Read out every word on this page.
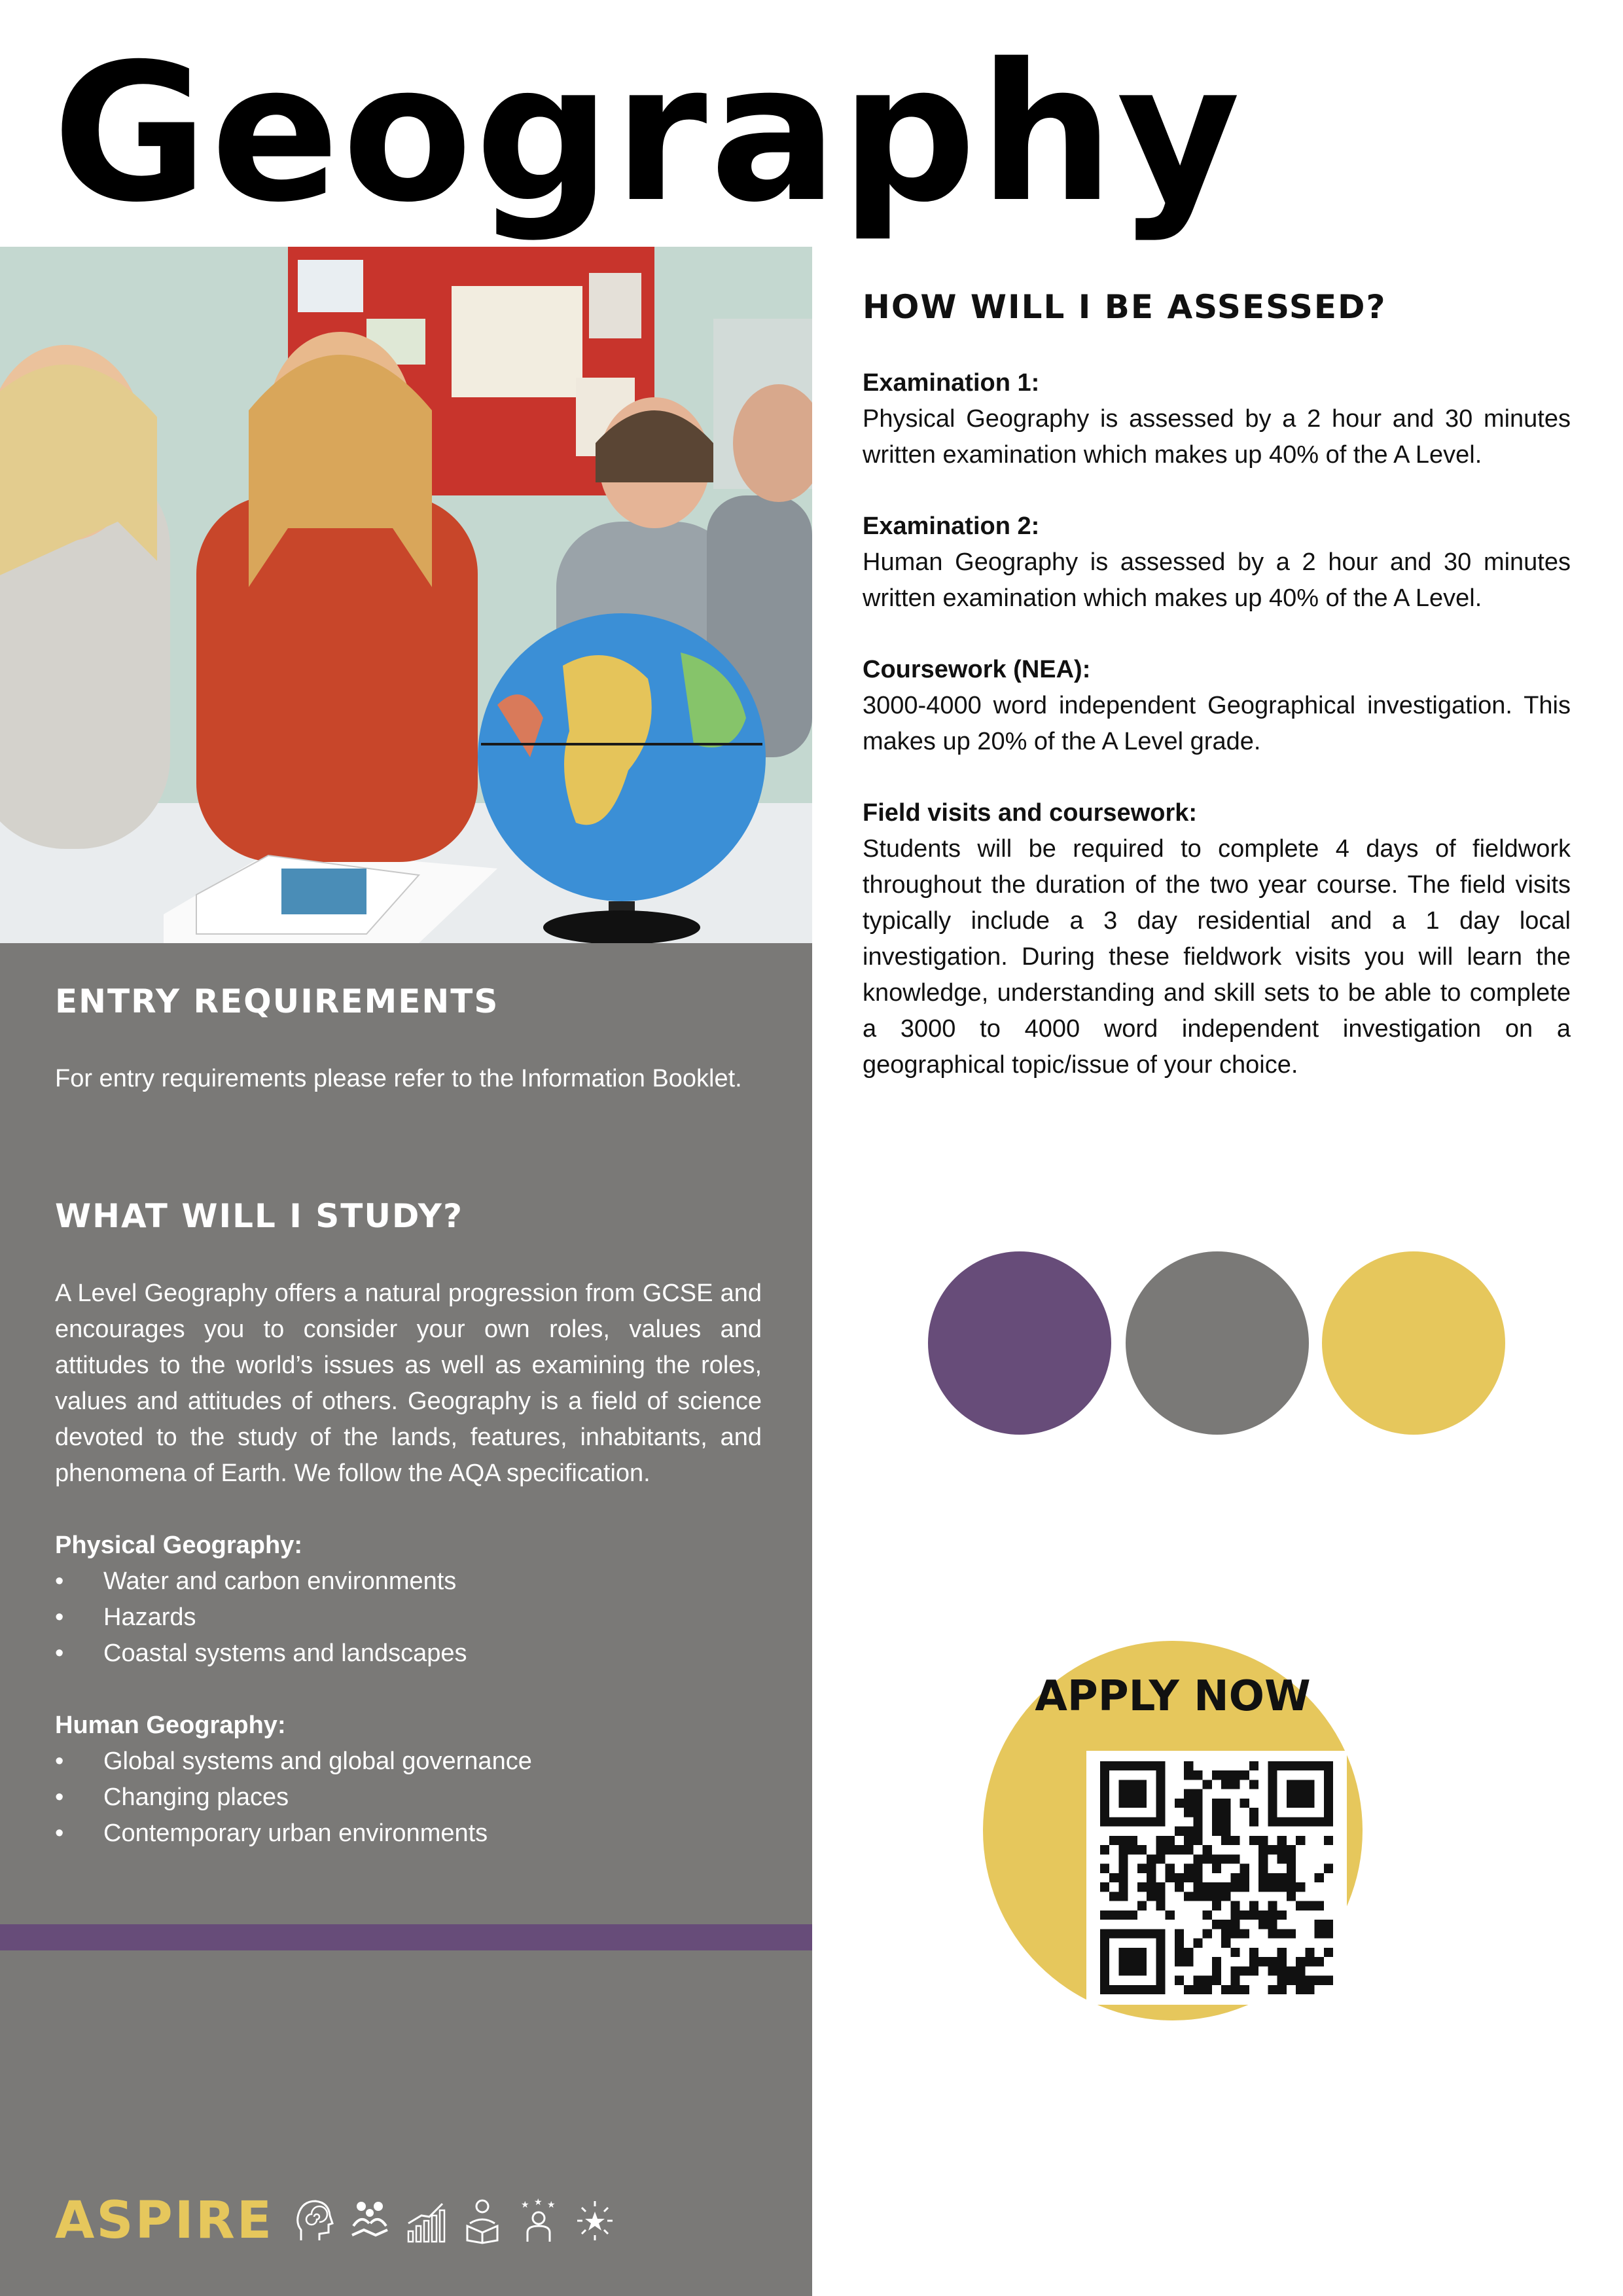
Geography
ENTRY REQUIREMENTS

For entry requirements please refer to the Information Booklet.

WHAT WILL I STUDY?

A Level Geography offers a natural progression from GCSE and encourages you to consider your own roles, values and attitudes to the world’s issues as well as examining the roles, values and attitudes of others. Geography is a field of science devoted to the study of the lands, features, inhabitants, and phenomena of Earth. We follow the AQA specification.

Physical Geography:

• Water and carbon environments
• Hazards
• Coastal systems and landscapes

Human Geography:

• Global systems and global governance
• Changing places
• Contemporary urban environments
HOW WILL I BE ASSESSED?

Examination 1:

Physical Geography is assessed by a 2 hour and 30 minutes written examination which makes up 40% of the A Level.

Examination 2:

Human Geography is assessed by a 2 hour and 30 minutes written examination which makes up 40% of the A Level.

Coursework (NEA):

3000-4000 word independent Geographical investigation. This makes up 20% of the A Level grade.

Field visits and coursework:

Students will be required to complete 4 days of fieldwork throughout the duration of the two year course. The field visits typically include a 3 day residential and a 1 day local investigation. During these fieldwork visits you will learn the knowledge, understanding and skill sets to be able to complete a 3000 to 4000 word independent investigation on a geographical topic/issue of your choice.

APPLY NOW
ASPIRE	★ ★ ★
